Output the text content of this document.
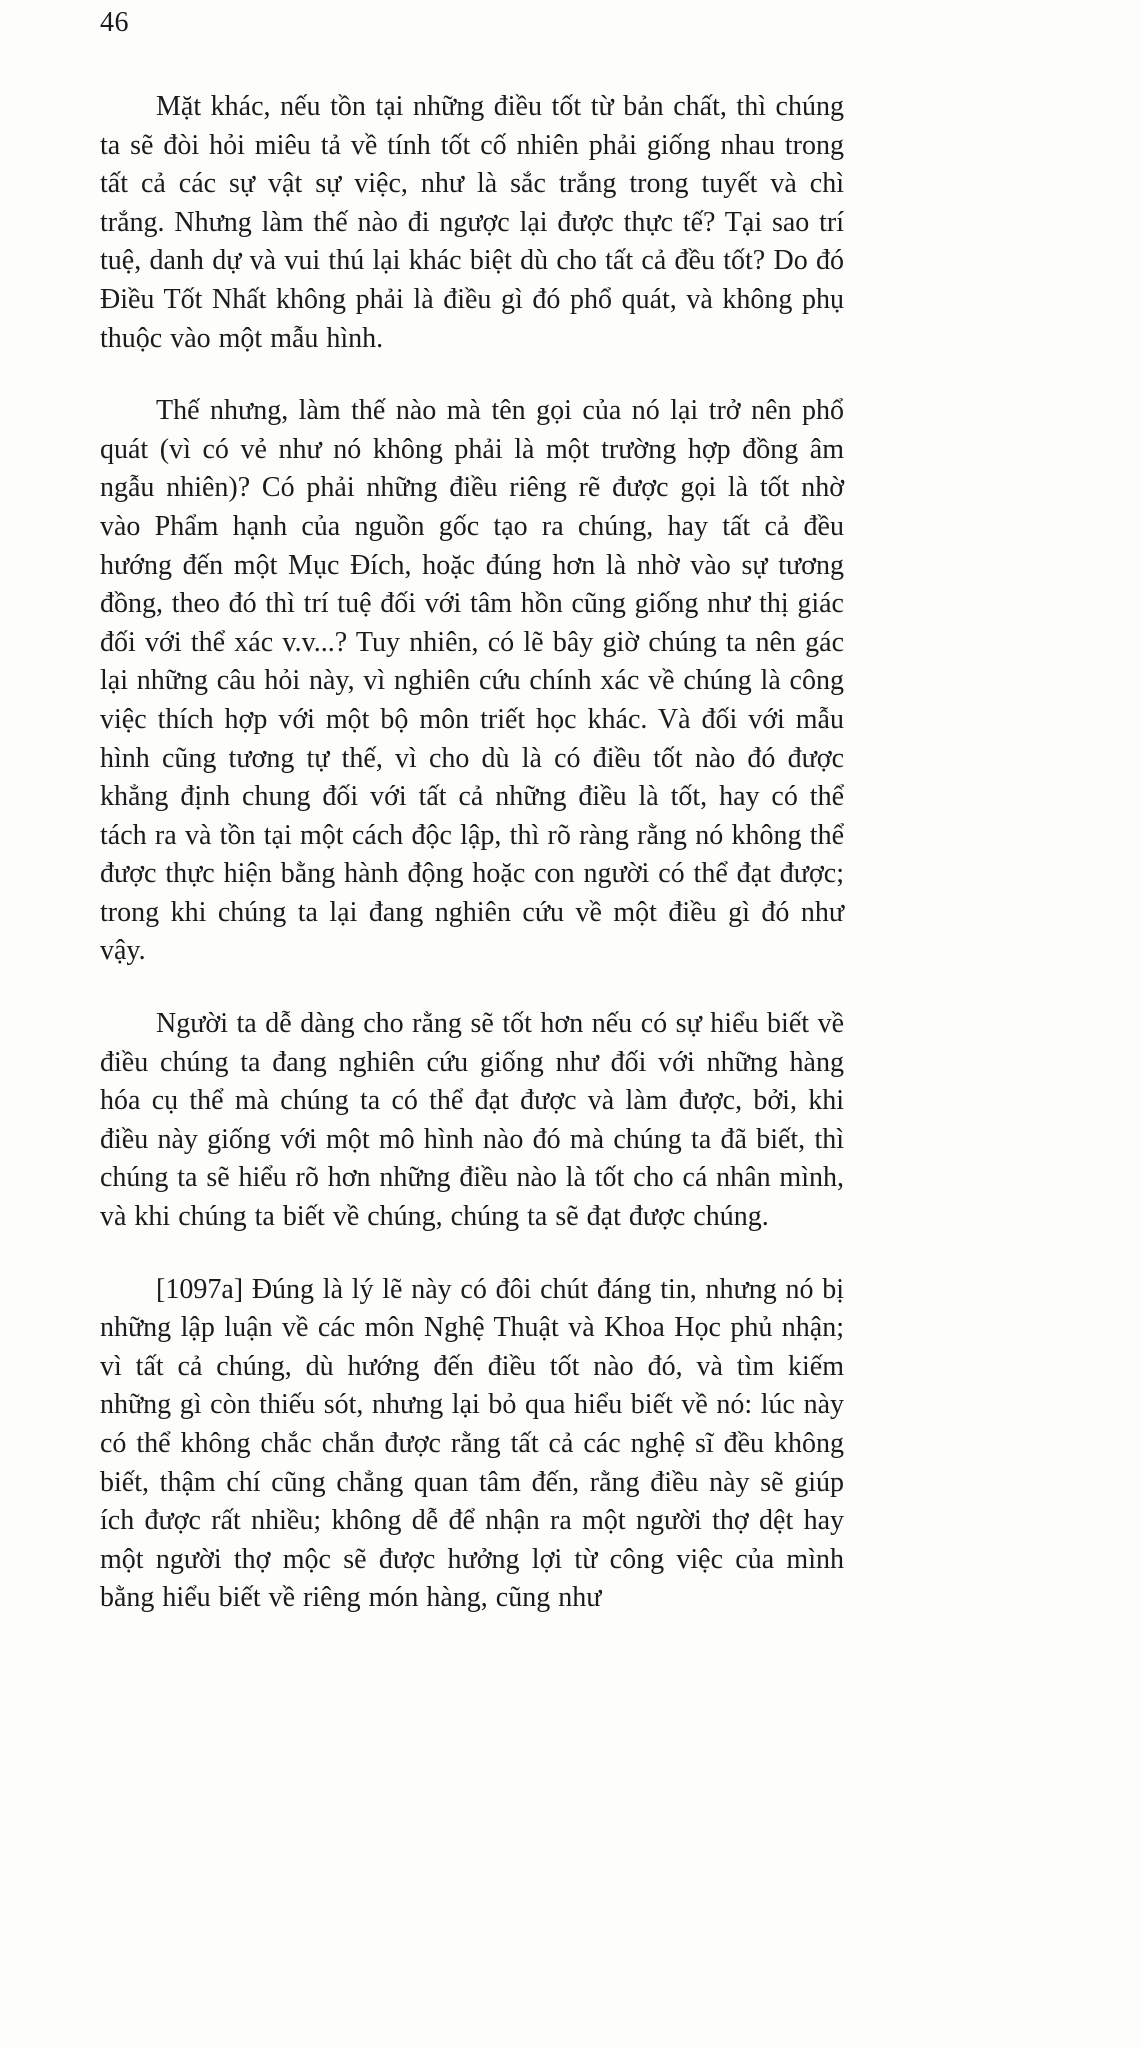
46

Mặt khác, nếu tồn tại những điều tốt từ bản chất, thì chúng ta sẽ đòi hỏi miêu tả về tính tốt cố nhiên phải giống nhau trong tất cả các sự vật sự việc, như là sắc trắng trong tuyết và chì trắng. Nhưng làm thế nào đi ngược lại được thực tế? Tại sao trí tuệ, danh dự và vui thú lại khác biệt dù cho tất cả đều tốt? Do đó Điều Tốt Nhất không phải là điều gì đó phổ quát, và không phụ thuộc vào một mẫu hình.

Thế nhưng, làm thế nào mà tên gọi của nó lại trở nên phổ quát (vì có vẻ như nó không phải là một trường hợp đồng âm ngẫu nhiên)? Có phải những điều riêng rẽ được gọi là tốt nhờ vào Phẩm hạnh của nguồn gốc tạo ra chúng, hay tất cả đều hướng đến một Mục Đích, hoặc đúng hơn là nhờ vào sự tương đồng, theo đó thì trí tuệ đối với tâm hồn cũng giống như thị giác đối với thể xác v.v...? Tuy nhiên, có lẽ bây giờ chúng ta nên gác lại những câu hỏi này, vì nghiên cứu chính xác về chúng là công việc thích hợp với một bộ môn triết học khác. Và đối với mẫu hình cũng tương tự thế, vì cho dù là có điều tốt nào đó được khẳng định chung đối với tất cả những điều là tốt, hay có thể tách ra và tồn tại một cách độc lập, thì rõ ràng rằng nó không thể được thực hiện bằng hành động hoặc con người có thể đạt được; trong khi chúng ta lại đang nghiên cứu về một điều gì đó như vậy.

Người ta dễ dàng cho rằng sẽ tốt hơn nếu có sự hiểu biết về điều chúng ta đang nghiên cứu giống như đối với những hàng hóa cụ thể mà chúng ta có thể đạt được và làm được, bởi, khi điều này giống với một mô hình nào đó mà chúng ta đã biết, thì chúng ta sẽ hiểu rõ hơn những điều nào là tốt cho cá nhân mình, và khi chúng ta biết về chúng, chúng ta sẽ đạt được chúng.

[1097a] Đúng là lý lẽ này có đôi chút đáng tin, nhưng nó bị những lập luận về các môn Nghệ Thuật và Khoa Học phủ nhận; vì tất cả chúng, dù hướng đến điều tốt nào đó, và tìm kiếm những gì còn thiếu sót, nhưng lại bỏ qua hiểu biết về nó: lúc này có thể không chắc chắn được rằng tất cả các nghệ sĩ đều không biết, thậm chí cũng chẳng quan tâm đến, rằng điều này sẽ giúp ích được rất nhiều; không dễ để nhận ra một người thợ dệt hay một người thợ mộc sẽ được hưởng lợi từ công việc của mình bằng hiểu biết về riêng món hàng, cũng như
